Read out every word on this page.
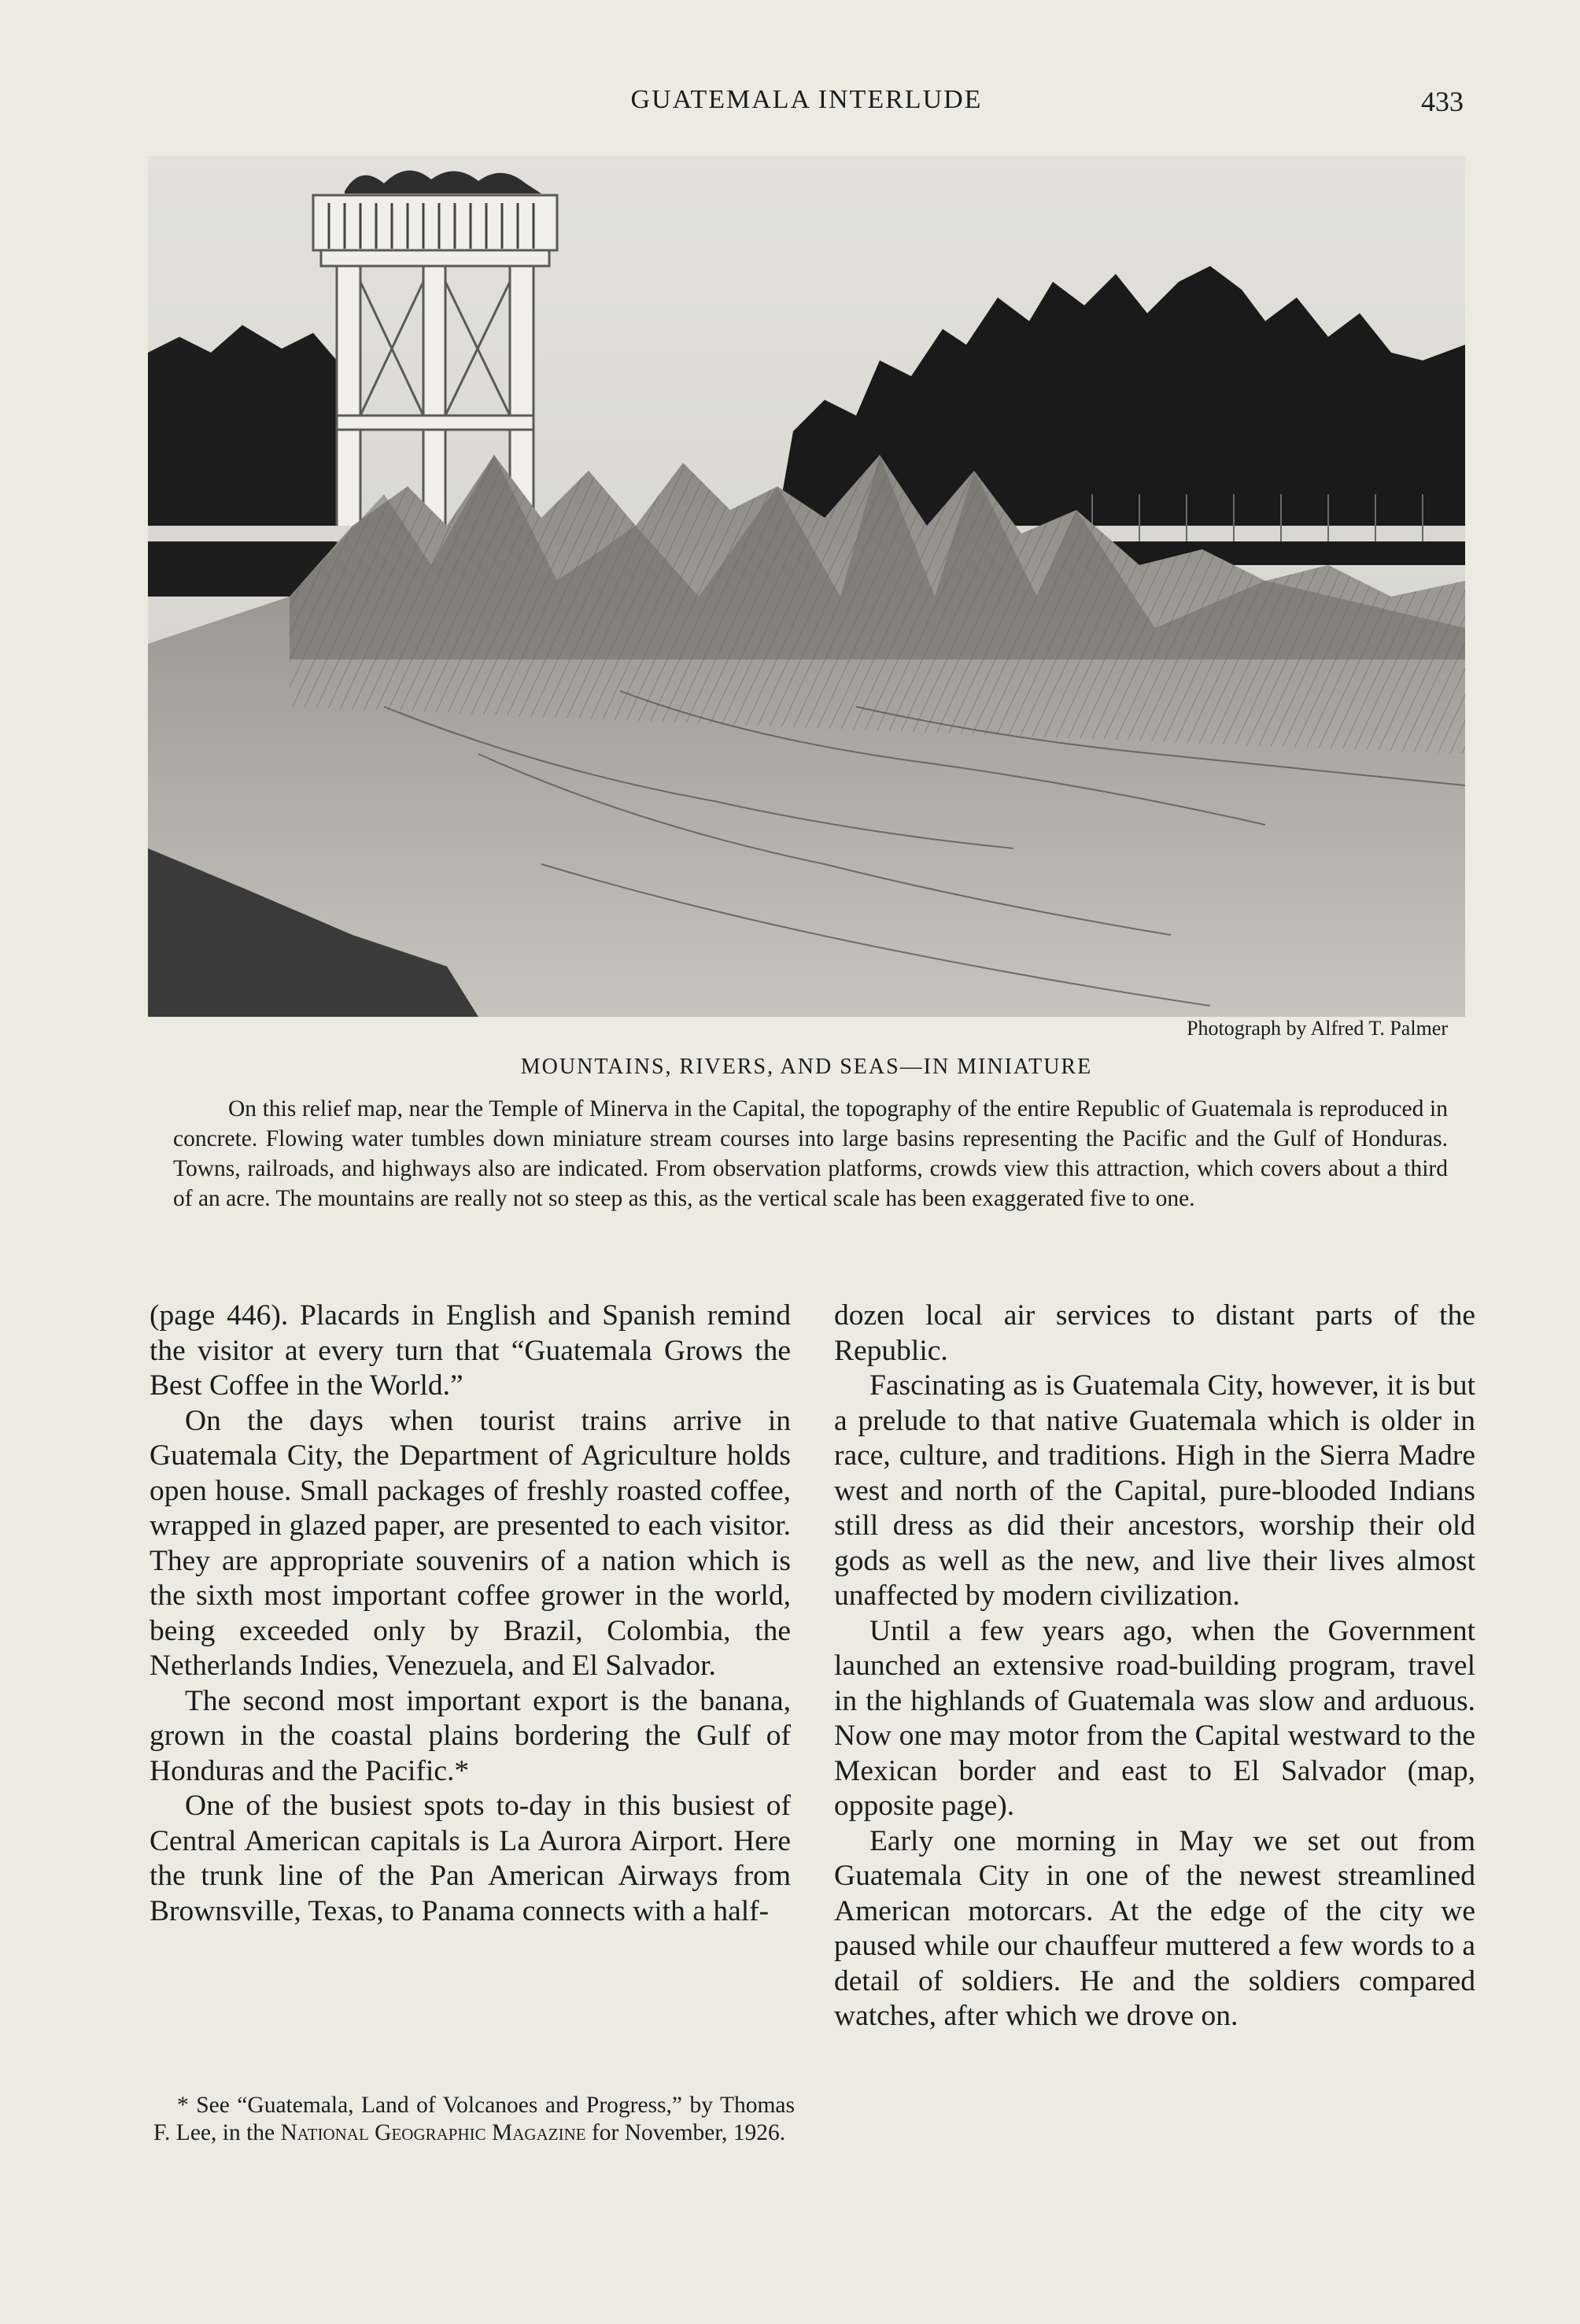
GUATEMALA INTERLUDE	433
Photograph by Alfred T. Palmer
MOUNTAINS, RIVERS, AND SEAS—IN MINIATURE
On this relief map, near the Temple of Minerva in the Capital, the topography of the entire Republic of Guatemala is reproduced in concrete. Flowing water tumbles down miniature stream courses into large basins representing the Pacific and the Gulf of Honduras. Towns, railroads, and highways also are indicated. From observation platforms, crowds view this attraction, which covers about a third of an acre. The mountains are really not so steep as this, as the vertical scale has been exaggerated five to one.

(page 446). Placards in English and Spanish remind the visitor at every turn that “Guatemala Grows the Best Coffee in the World.”

On the days when tourist trains arrive in Guatemala City, the Department of Agriculture holds open house. Small packages of freshly roasted coffee, wrapped in glazed paper, are presented to each visitor. They are appropriate souvenirs of a nation which is the sixth most important coffee grower in the world, being exceeded only by Brazil, Colombia, the Netherlands Indies, Venezuela, and El Salvador.

The second most important export is the banana, grown in the coastal plains bordering the Gulf of Honduras and the Pacific.*

One of the busiest spots to-day in this busiest of Central American capitals is La Aurora Airport. Here the trunk line of the Pan American Airways from Brownsville, Texas, to Panama connects with a half-

dozen local air services to distant parts of the Republic.

Fascinating as is Guatemala City, however, it is but a prelude to that native Guatemala which is older in race, culture, and traditions. High in the Sierra Madre west and north of the Capital, pure-blooded Indians still dress as did their ancestors, worship their old gods as well as the new, and live their lives almost unaffected by modern civilization.

Until a few years ago, when the Government launched an extensive road-building program, travel in the highlands of Guatemala was slow and arduous. Now one may motor from the Capital westward to the Mexican border and east to El Salvador (map, opposite page).

Early one morning in May we set out from Guatemala City in one of the newest streamlined American motorcars. At the edge of the city we paused while our chauffeur muttered a few words to a detail of soldiers. He and the soldiers compared watches, after which we drove on.

* See “Guatemala, Land of Volcanoes and Progress,” by Thomas F. Lee, in the National Geographic Magazine for November, 1926.
